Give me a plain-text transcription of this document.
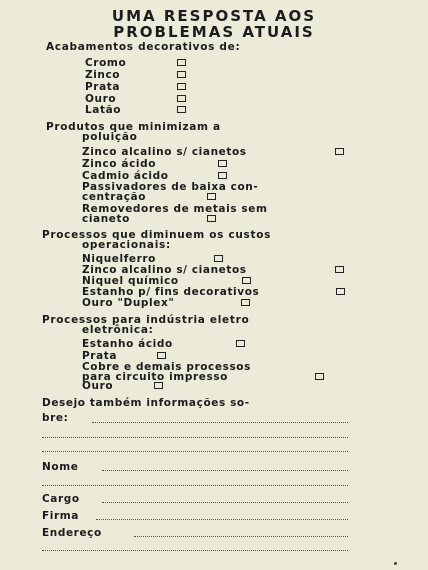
UMA RESPOSTA AOS
PROBLEMAS ATUAIS
Acabamentos decorativos de:
Cromo
Zinco
Prata
Ouro
Latão
Produtos que minimizam a
poluição
Zinco alcalino s/ cianetos
Zinco ácido
Cadmio ácido
Passivadores de baixa con-
centração
Removedores de metais sem
cianeto
Processos que diminuem os custos
operacionais:
Niquelferro
Zinco alcalino s/ cianetos
Niquel químico
Estanho p/ fins decorativos
Ouro "Duplex"
Processos para indústria eletro
eletrônica:
Estanho ácido
Prata
Cobre e demais processos
para circuito impresso
Ouro
Desejo também informações so-
bre:
Nome
Cargo
Firma
Endereço
